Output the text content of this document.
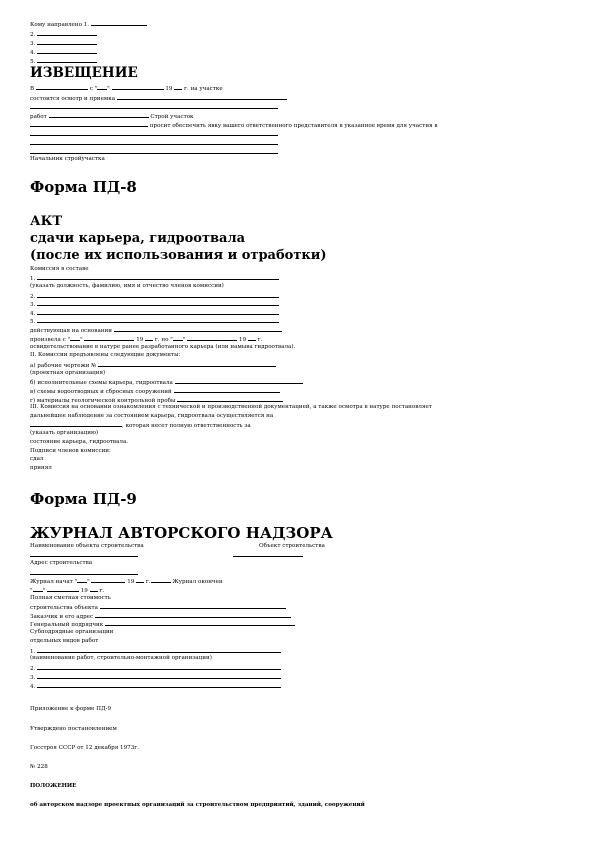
Кому направлено 1.
2.
3.
4.
5.
ИЗВЕЩЕНИЕ
В	с " "	19 г. на участке
состоится осмотр и приемка
работ	Строй участок
просит обеспечить явку вашего ответственного представителя в указанное время для участия в
Начальник стройучастка
Форма ПД-8
АКТ
сдачи карьера, гидроотвала
(после их использования и отработки)
Комиссия в составе
1.
(указать должность, фамилию, имя и отчество членов комиссии)
2.
3.
4.
5.
действующая на основании
произвела с " "	19 г. по " "	19 г.
освидетельствование в натуре ранее разработанного карьера (или намыва гидроотвала).
II. Комиссии предъявлены следующие документы:
а) рабочие чертежи №
(проектная организация)
б) исполнительные схемы карьера, гидроотвала
в) схемы водоотводных и сбросных сооружений
г) материалы геологической контрольной пробы
III. Комиссия на основании ознакомления с технической и производственной документацией, а также осмотра в натуре постановляет
дальнейшее наблюдение за состоянием карьера, гидроотвала осуществляется на
, которая несет полную ответственность за
(указать организацию)
состояние карьера, гидроотвала.
Подписи членов комиссии:
сдал
принял
Форма ПД-9
ЖУРНАЛ АВТОРСКОГО НАДЗОРА
Наименование объекта строительства	Объект строительства
Адрес строительства
Журнал начат " "	19 г.	Журнал окончен
" "	19 г.
Полная сметная стоимость
строительства объекта
Заказчик и его адрес
Генеральный подрядчик
Субподрядные организации
отдельных видов работ
1.
(наименование работ, строительно-монтажной организации)
2.
3.
4.
Приложение к форме ПД-9
Утверждено постановлением
Госстроя СССР от 12 декабря 1973г.
№ 228
ПОЛОЖЕНИЕ
об авторском надзоре проектных организаций за строительством предприятий, зданий, сооружений
